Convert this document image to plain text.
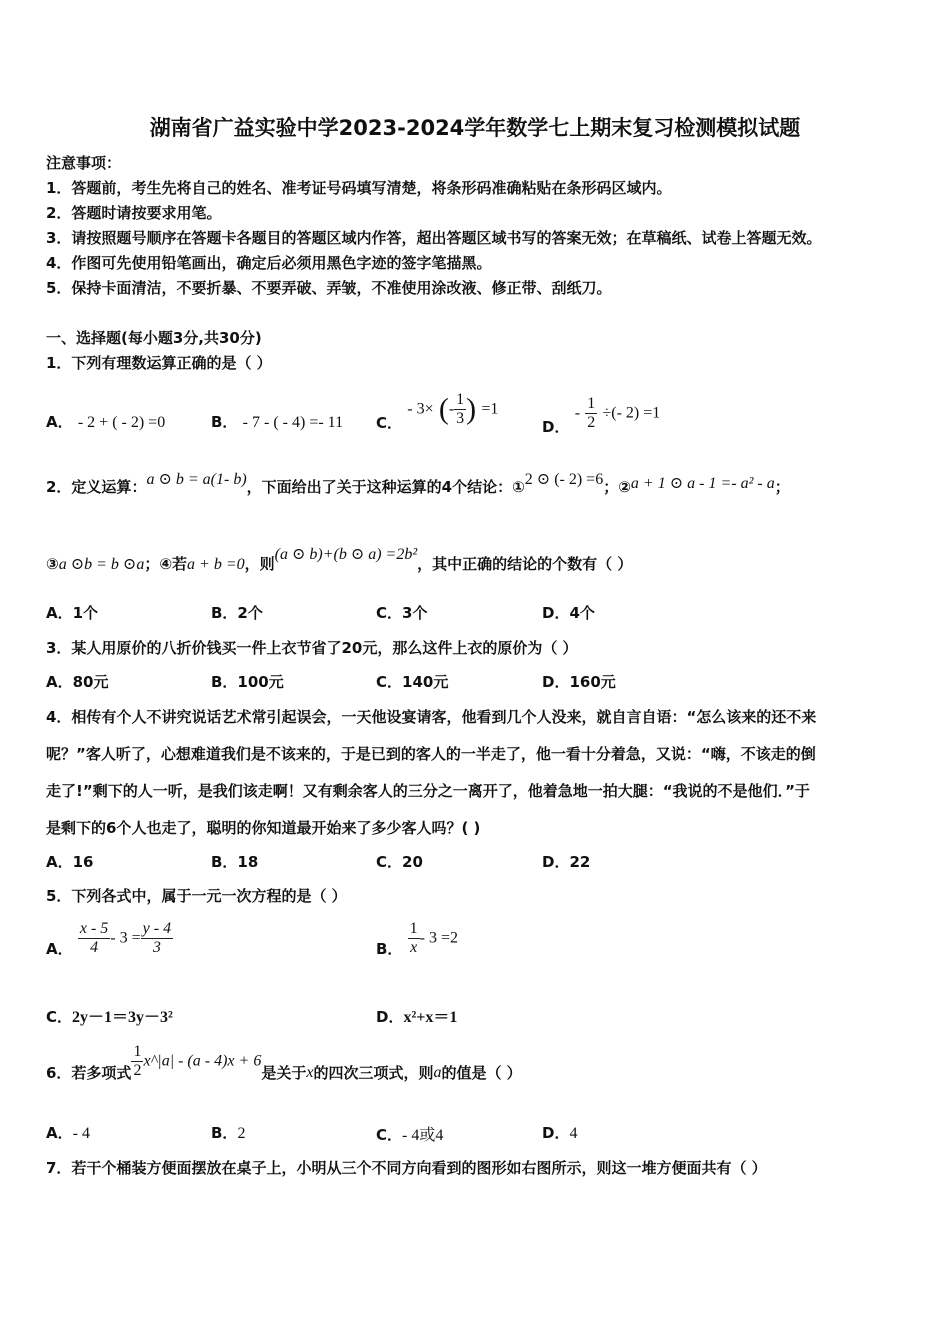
湖南省广益实验中学2023-2024学年数学七上期末复习检测模拟试题
注意事项：
1．答题前，考生先将自己的姓名、准考证号码填写清楚，将条形码准确粘贴在条形码区域内。
2．答题时请按要求用笔。
3．请按照题号顺序在答题卡各题目的答题区域内作答，超出答题区域书写的答案无效；在草稿纸、试卷上答题无效。
4．作图可先使用铅笔画出，确定后必须用黑色字迹的签字笔描黑。
5．保持卡面清洁，不要折暴、不要弄破、弄皱，不准使用涂改液、修正带、刮纸刀。
一、选择题(每小题3分,共30分)
1．下列有理数运算正确的是（ ）
A． - 2 + ( - 2) =0	B． - 7 - ( - 4) =- 11 C． - 3× (- $\frac{1}{3}$ ) =1
D． - $\frac{1}{2}$ ÷(- 2) =1
2．定义运算：a ⊙ b = a(1- b)，下面给出了关于这种运算的4个结论：①2 ⊙ (- 2) =6；②a + 1 ⊙ a - 1 =- a² - a；
③a ⊙b = b ⊙a；④若a + b =0，则(a ⊙ b)+(b ⊙ a) =2b²，其中正确的结论的个数有（ ）
A．1个	B．2个	C．3个	D．4个
3．某人用原价的八折价钱买一件上衣节省了20元，那么这件上衣的原价为（ ）
A．80元	B．100元	C．140元	D．160元
4．相传有个人不讲究说话艺术常引起误会，一天他设宴请客，他看到几个人没来，就自言自语：“怎么该来的还不来
呢？”客人听了，心想难道我们是不该来的，于是已到的客人的一半走了，他一看十分着急，又说：“嗨，不该走的倒
走了!”剩下的人一听，是我们该走啊！又有剩余客人的三分之一离开了，他着急地一拍大腿：“我说的不是他们．”于
是剩下的6个人也走了，聪明的你知道最开始来了多少客人吗？( )
A．16	B．18	C．20	D．22
5．下列各式中，属于一元一次方程的是（ ）
A． $\frac{x - 5}{4} - 3 = \frac{y - 4}{3}$	B． $\frac{1}{x} - 3 =2$
C．2y－1＝3y－3²	D．x²+x＝1
6．若多项式 $\frac{1}{2}$ x^|a| - (a - 4)x + 6是关于x的四次三项式，则a的值是（ ）
A．- 4	B．2	C．- 4或4	D．4
7．若干个桶装方便面摆放在桌子上，小明从三个不同方向看到的图形如右图所示，则这一堆方便面共有（ ）
